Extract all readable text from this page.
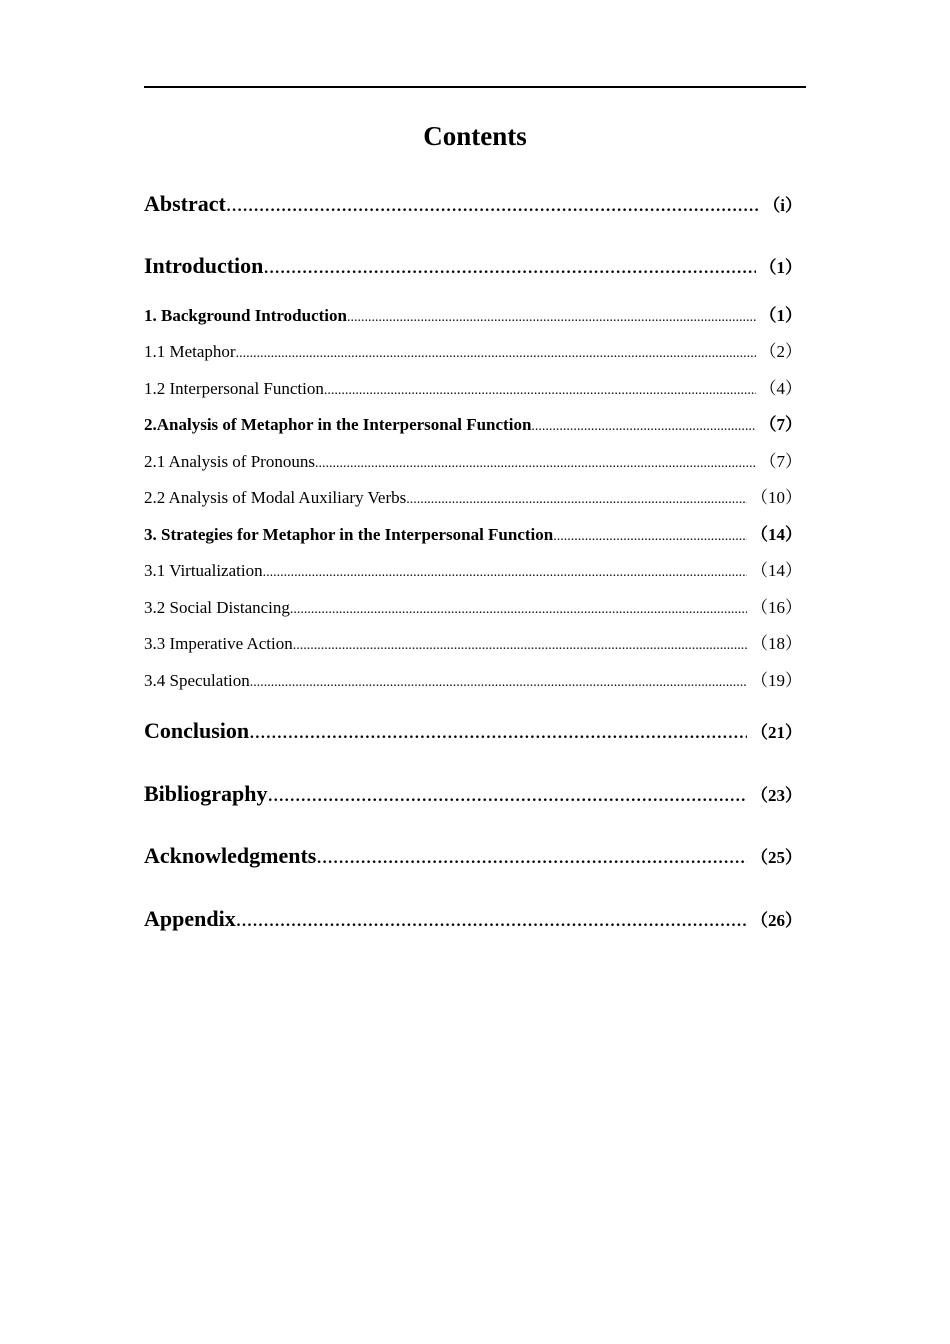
Contents
Abstract .....	（i）
Introduction .....	（1）
1. Background Introduction .....	（1）
1.1 Metaphor .....	（2）
1.2 Interpersonal Function .....	（4）
2.Analysis of Metaphor in the Interpersonal Function .....	（7）
2.1 Analysis of Pronouns .....	（7）
2.2 Analysis of Modal Auxiliary Verbs .....	（10）
3. Strategies for Metaphor in the Interpersonal Function .....	（14）
3.1 Virtualization .....	（14）
3.2 Social Distancing .....	（16）
3.3 Imperative Action .....	（18）
3.4 Speculation .....	（19）
Conclusion .....	（21）
Bibliography .....	（23）
Acknowledgments .....	（25）
Appendix .....	（26）
